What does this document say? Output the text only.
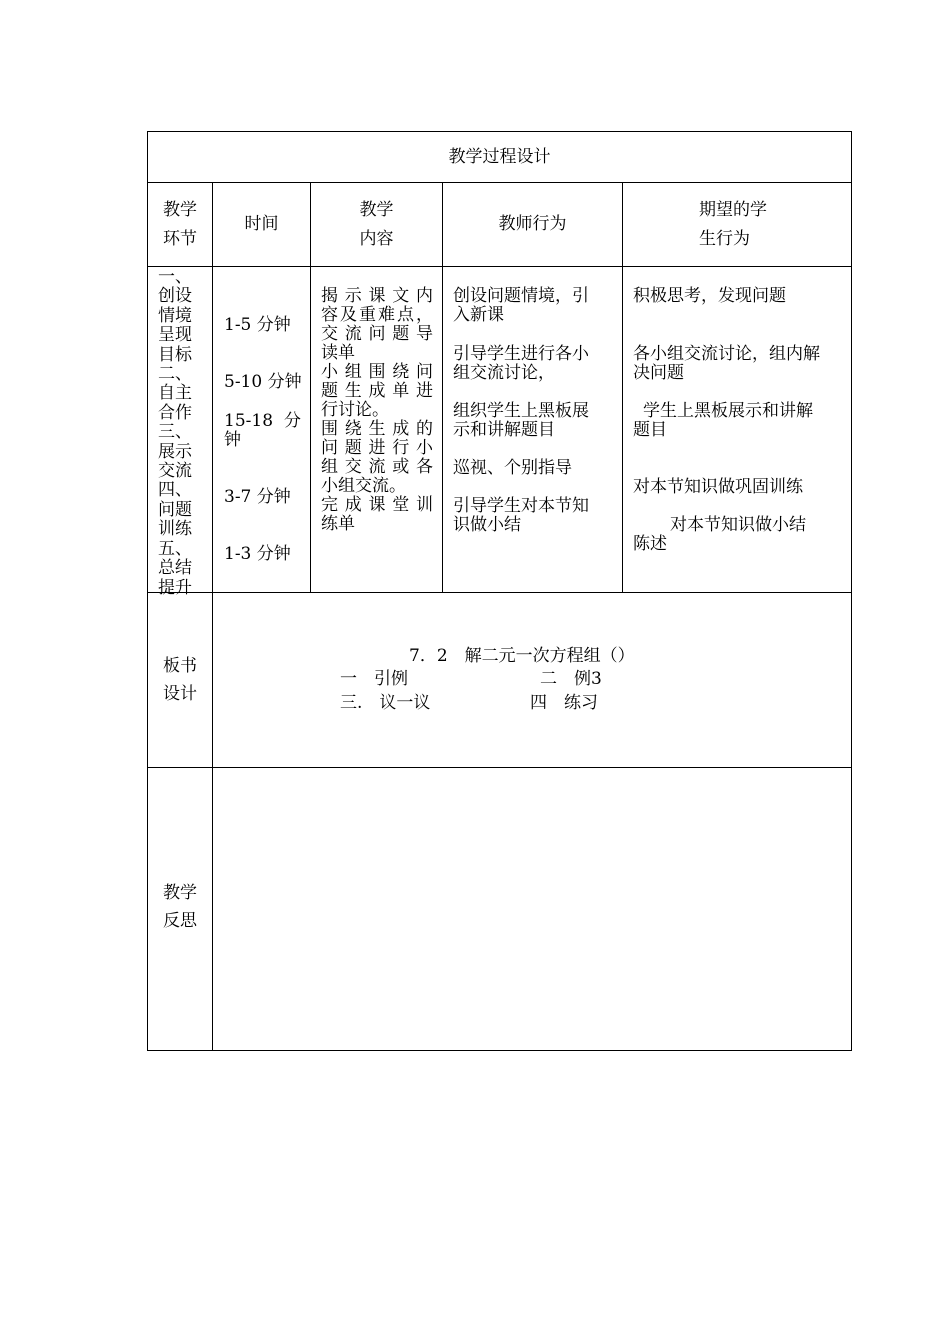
教学过程设计
教学
环节
时间
教学
内容
教师行为
期望的学
生行为
一、
创设
情境
呈现
目标
二、
自主
合作
三、
展示
交流
四、
问题
训练
五、
总结
提升
1-5 分钟
5-10 分钟
15-18 分
钟
3-7 分钟
1-3 分钟
揭示课文内
容及重难点，
交流问题导
读单
小组围绕问
题生成单进
行讨论。
围绕生成的
问题进行小
组交流或各
小组交流。
完成课堂训
练单
创设问题情境，引
入新课
引导学生进行各小
组交流讨论，
组织学生上黑板展
示和讲解题目
巡视、个别指导
引导学生对本节知
识做小结
积极思考，发现问题
各小组交流讨论，组内解
决问题
学生上黑板展示和讲解
题目
对本节知识做巩固训练
对本节知识做小结
陈述
板书
设计
7．2　解二元一次方程组（）
一　引例	二　例3
三.　议一议	四　练习
教学
反思
